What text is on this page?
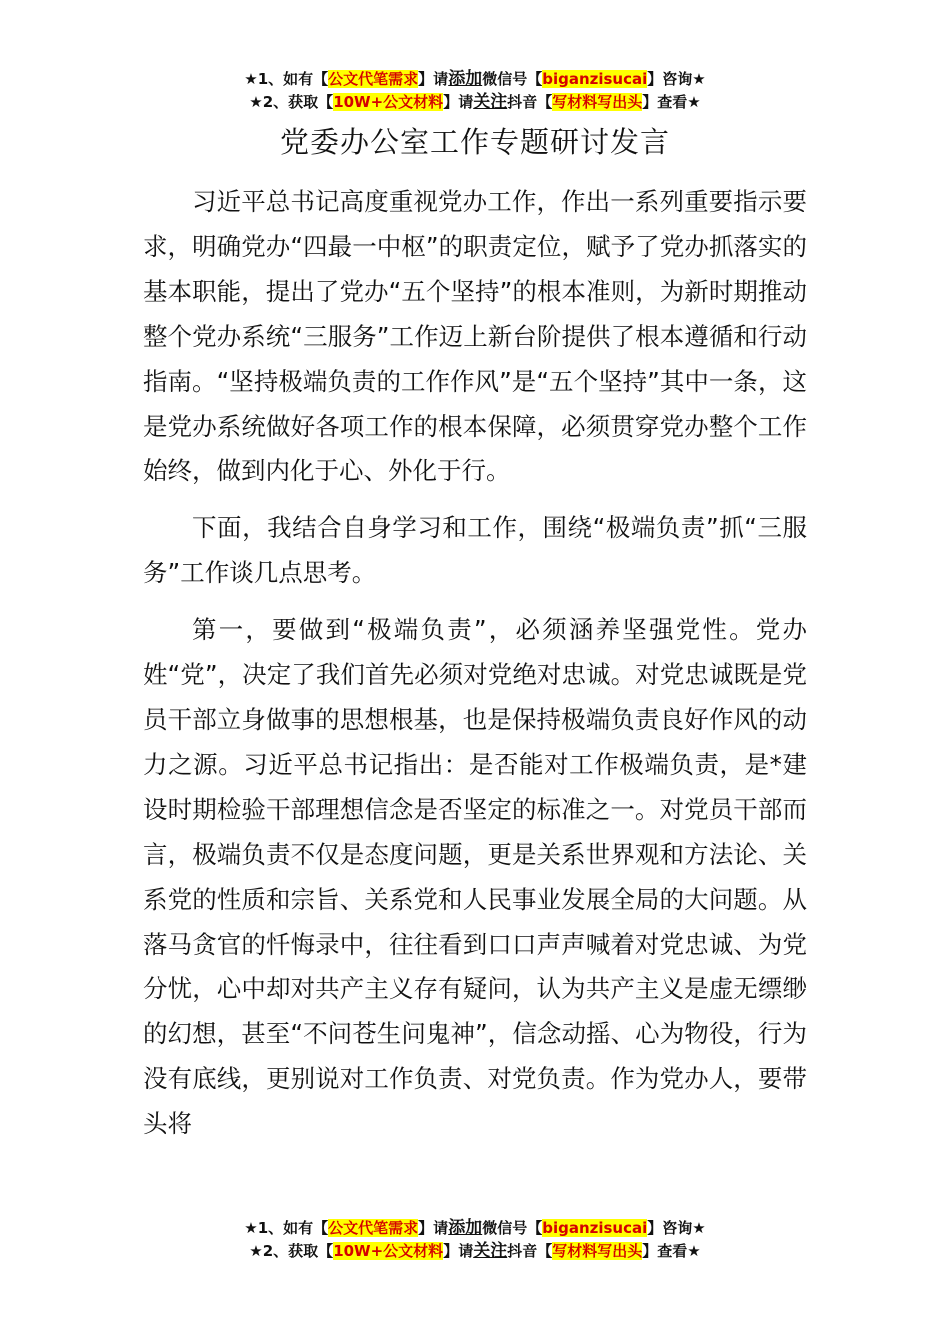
★1、如有【公文代笔需求】请添加微信号【biganzisucai】咨询★
★2、获取【10W+公文材料】请关注抖音【写材料写出头】查看★
党委办公室工作专题研讨发言

习近平总书记高度重视党办工作，作出一系列重要指示要求，明确党办“四最一中枢”的职责定位，赋予了党办抓落实的基本职能，提出了党办“五个坚持”的根本准则，为新时期推动整个党办系统“三服务”工作迈上新台阶提供了根本遵循和行动指南。“坚持极端负责的工作作风”是“五个坚持”其中一条，这是党办系统做好各项工作的根本保障，必须贯穿党办整个工作始终，做到内化于心、外化于行。

下面，我结合自身学习和工作，围绕“极端负责”抓“三服务”工作谈几点思考。

第一，要做到“极端负责”，必须涵养坚强党性。党办姓“党”，决定了我们首先必须对党绝对忠诚。对党忠诚既是党员干部立身做事的思想根基，也是保持极端负责良好作风的动力之源。习近平总书记指出：是否能对工作极端负责，是*建设时期检验干部理想信念是否坚定的标准之一。对党员干部而言，极端负责不仅是态度问题，更是关系世界观和方法论、关系党的性质和宗旨、关系党和人民事业发展全局的大问题。从落马贪官的忏悔录中，往往看到口口声声喊着对党忠诚、为党分忧，心中却对共产主义存有疑问，认为共产主义是虚无缥缈的幻想，甚至“不问苍生问鬼神”，信念动摇、心为物役，行为没有底线，更别说对工作负责、对党负责。作为党办人，要带头将

★1、如有【公文代笔需求】请添加微信号【biganzisucai】咨询★
★2、获取【10W+公文材料】请关注抖音【写材料写出头】查看★
